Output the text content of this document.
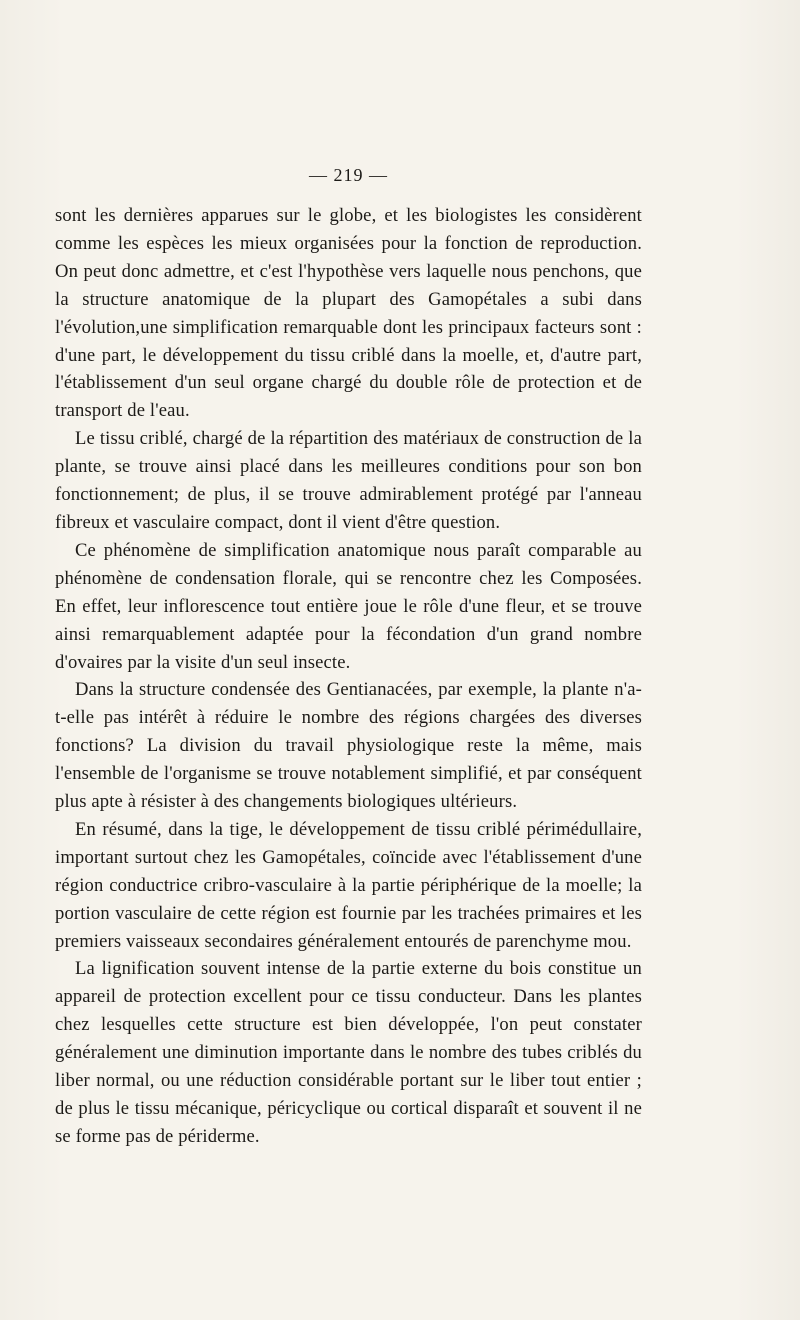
— 219 —

sont les dernières apparues sur le globe, et les biologistes les considèrent comme les espèces les mieux organisées pour la fonction de reproduction. On peut donc admettre, et c'est l'hypothèse vers laquelle nous penchons, que la structure anatomique de la plupart des Gamopétales a subi dans l'évolution,une simplification remarquable dont les principaux facteurs sont : d'une part, le développement du tissu criblé dans la moelle, et, d'autre part, l'établissement d'un seul organe chargé du double rôle de protection et de transport de l'eau.

Le tissu criblé, chargé de la répartition des matériaux de construction de la plante, se trouve ainsi placé dans les meilleures conditions pour son bon fonctionnement; de plus, il se trouve admirablement protégé par l'anneau fibreux et vasculaire compact, dont il vient d'être question.

Ce phénomène de simplification anatomique nous paraît comparable au phénomène de condensation florale, qui se rencontre chez les Composées. En effet, leur inflorescence tout entière joue le rôle d'une fleur, et se trouve ainsi remarquablement adaptée pour la fécondation d'un grand nombre d'ovaires par la visite d'un seul insecte.

Dans la structure condensée des Gentianacées, par exemple, la plante n'a-t-elle pas intérêt à réduire le nombre des régions chargées des diverses fonctions? La division du travail physiologique reste la même, mais l'ensemble de l'organisme se trouve notablement simplifié, et par conséquent plus apte à résister à des changements biologiques ultérieurs.

En résumé, dans la tige, le développement de tissu criblé périmédullaire, important surtout chez les Gamopétales, coïncide avec l'établissement d'une région conductrice cribro-vasculaire à la partie périphérique de la moelle; la portion vasculaire de cette région est fournie par les trachées primaires et les premiers vaisseaux secondaires généralement entourés de parenchyme mou.

La lignification souvent intense de la partie externe du bois constitue un appareil de protection excellent pour ce tissu conducteur. Dans les plantes chez lesquelles cette structure est bien développée, l'on peut constater généralement une diminution importante dans le nombre des tubes criblés du liber normal, ou une réduction considérable portant sur le liber tout entier ; de plus le tissu mécanique, péricyclique ou cortical disparaît et souvent il ne se forme pas de périderme.
